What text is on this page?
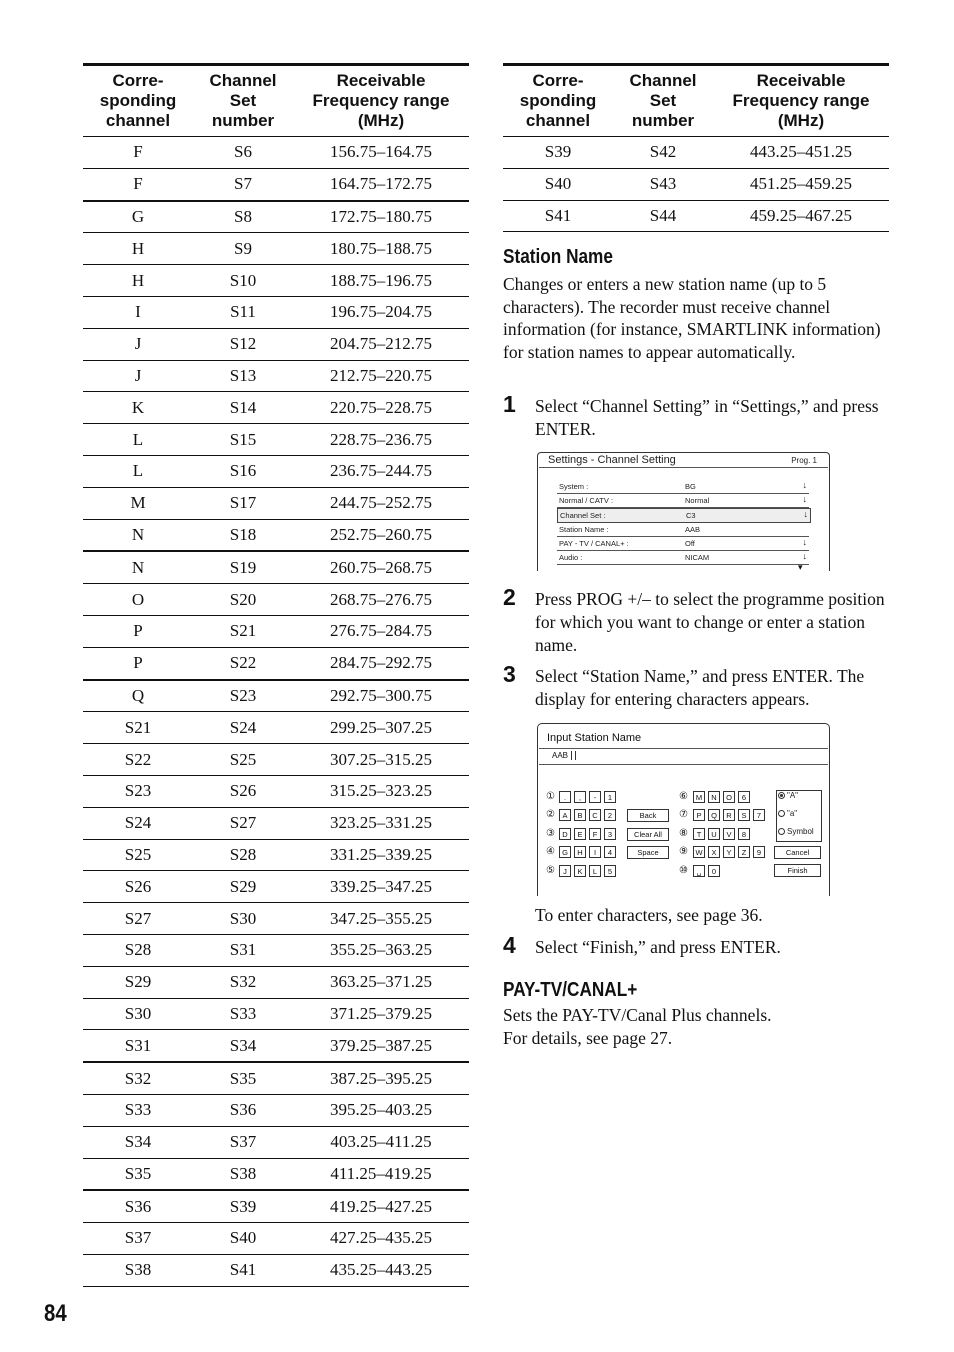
Corre-
sponding
channel	Channel
Set
number	Receivable
Frequency range
(MHz)
F	S6	156.75–164.75
F	S7	164.75–172.75
G	S8	172.75–180.75
H	S9	180.75–188.75
H	S10	188.75–196.75
I	S11	196.75–204.75
J	S12	204.75–212.75
J	S13	212.75–220.75
K	S14	220.75–228.75
L	S15	228.75–236.75
L	S16	236.75–244.75
M	S17	244.75–252.75
N	S18	252.75–260.75
N	S19	260.75–268.75
O	S20	268.75–276.75
P	S21	276.75–284.75
P	S22	284.75–292.75
Q	S23	292.75–300.75
S21	S24	299.25–307.25
S22	S25	307.25–315.25
S23	S26	315.25–323.25
S24	S27	323.25–331.25
S25	S28	331.25–339.25
S26	S29	339.25–347.25
S27	S30	347.25–355.25
S28	S31	355.25–363.25
S29	S32	363.25–371.25
S30	S33	371.25–379.25
S31	S34	379.25–387.25
S32	S35	387.25–395.25
S33	S36	395.25–403.25
S34	S37	403.25–411.25
S35	S38	411.25–419.25
S36	S39	419.25–427.25
S37	S40	427.25–435.25
S38	S41	435.25–443.25
Corre-
sponding
channel	Channel
Set
number	Receivable
Frequency range
(MHz)
S39	S42	443.25–451.25
S40	S43	451.25–459.25
S41	S44	459.25–467.25
Station Name
Changes or enters a new station name (up to 5 characters). The recorder must receive channel information (for instance, SMARTLINK information) for station names to appear automatically.
1 Select “Channel Setting” in “Settings,” and press ENTER.
Settings - Channel Setting	Prog. 1
System :	BG	↓
Normal / CATV :	Normal	↓
Channel Set :	C3	↓
Station Name :	AAB
PAY - TV / CANAL+ :	Off	↓
Audio :	NICAM	↓
▾
2 Press PROG +/– to select the programme position for which you want to change or enter a station name.
3 Select “Station Name,” and press ENTER. The display for entering characters appears.
Input Station Name
AAB
①	.	,	-	1
②	A	B	C	2
③ D	E	F	3
④ G	H	I	4
⑤	J	K	L	5
⑥	M	N	O	6
⑦	P	Q	R	S	7
⑧	T	U	V	8
⑨ W	X	Y	Z	9
⑩	␣	0
Back
Clear All
Space
"A"
"a"
Symbol
Cancel
Finish
To enter characters, see page 36.
4 Select “Finish,” and press ENTER.
PAY-TV/CANAL+
Sets the PAY-TV/Canal Plus channels.
For details, see page 27.
84
